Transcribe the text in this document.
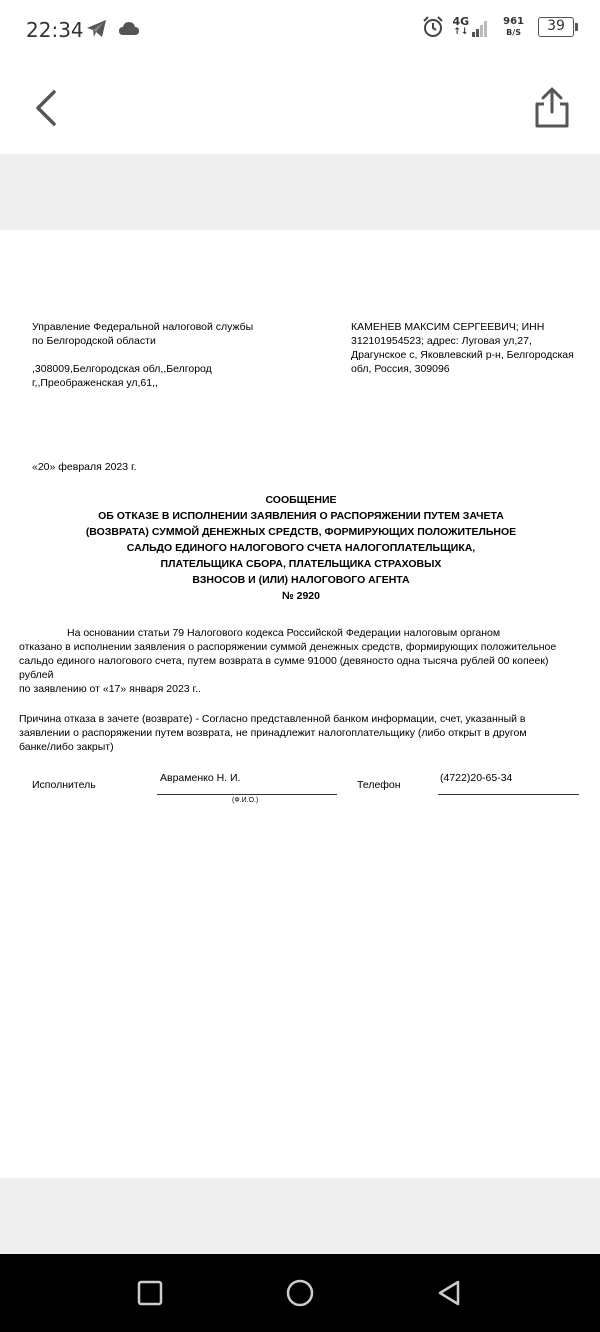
22:34	4G
↑↓
961
B/S	39
Управление Федеральной налоговой службы
по Белгородской области
,308009,Белгородская обл,,Белгород
г,,Преображенская ул,61,,
КАМЕНЕВ МАКСИМ СЕРГЕЕВИЧ; ИНН
312101954523; адрес: Луговая ул,27,
Драгунское с, Яковлевский р-н, Белгородская
обл, Россия, 309096
«20» февраля 2023 г.
СООБЩЕНИЕ
ОБ ОТКАЗЕ В ИСПОЛНЕНИИ ЗАЯВЛЕНИЯ О РАСПОРЯЖЕНИИ ПУТЕМ ЗАЧЕТА
(ВОЗВРАТА) СУММОЙ ДЕНЕЖНЫХ СРЕДСТВ, ФОРМИРУЮЩИХ ПОЛОЖИТЕЛЬНОЕ
САЛЬДО ЕДИНОГО НАЛОГОВОГО СЧЕТА НАЛОГОПЛАТЕЛЬЩИКА,
ПЛАТЕЛЬЩИКА СБОРА, ПЛАТЕЛЬЩИКА СТРАХОВЫХ
ВЗНОСОВ И (ИЛИ) НАЛОГОВОГО АГЕНТА
№ 2920
На основании статьи 79 Налогового кодекса Российской Федерации налоговым органом
отказано в исполнении заявления о распоряжении суммой денежных средств, формирующих положительное
сальдо единого налогового счета, путем возврата в сумме 91000 (девяносто одна тысяча рублей 00 копеек)
рублей
по заявлению от «17» января 2023 г..
Причина отказа в зачете (возврате) - Согласно представленной банком информации, счет, указанный в
заявлении о распоряжении путем возврата, не принадлежит налогоплательщику (либо открыт в другом
банке/либо закрыт)
Исполнитель
Авраменко Н. И.
(Ф.И.О.)
Телефон
(4722)20-65-34
